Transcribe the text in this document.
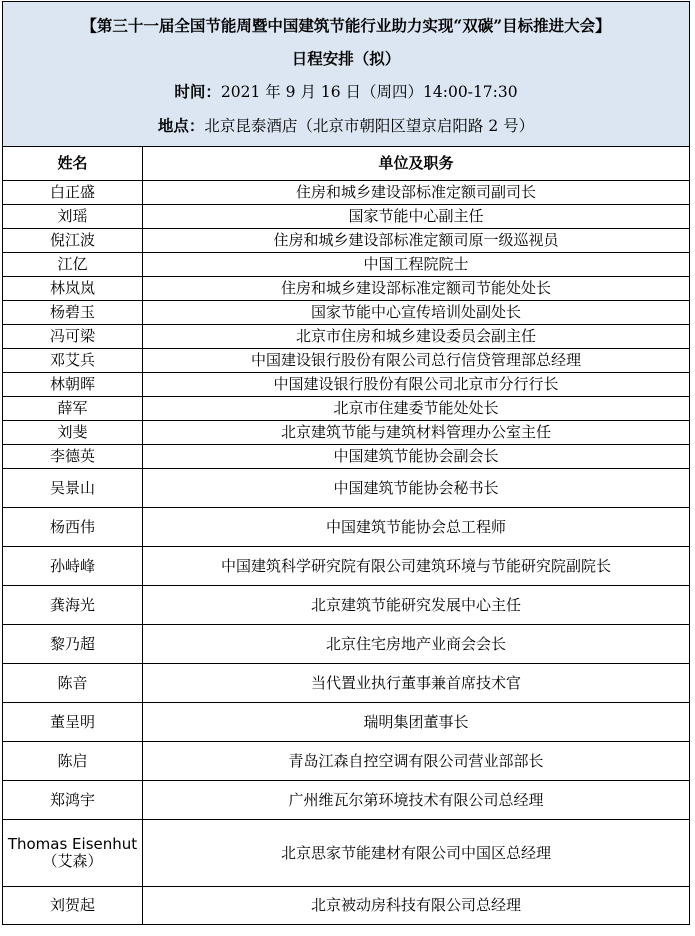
【第三十一届全国节能周暨中国建筑节能行业助力实现“双碳”目标推进大会】
日程安排（拟）
时间：2021 年 9 月 16 日（周四）14:00-17:30
地点：北京昆泰酒店（北京市朝阳区望京启阳路 2 号）	

姓名	单位及职务
白正盛	住房和城乡建设部标准定额司副司长
刘瑶	国家节能中心副主任
倪江波	住房和城乡建设部标准定额司原一级巡视员
江亿	中国工程院院士
林岚岚	住房和城乡建设部标准定额司节能处处长
杨碧玉	国家节能中心宣传培训处副处长
冯可梁	北京市住房和城乡建设委员会副主任
邓艾兵	中国建设银行股份有限公司总行信贷管理部总经理
林朝晖	中国建设银行股份有限公司北京市分行行长
薛军	北京市住建委节能处处长
刘斐	北京建筑节能与建筑材料管理办公室主任
李德英	中国建筑节能协会副会长
吴景山	中国建筑节能协会秘书长
杨西伟	中国建筑节能协会总工程师
孙峙峰	中国建筑科学研究院有限公司建筑环境与节能研究院副院长
龚海光	北京建筑节能研究发展中心主任
黎乃超	北京住宅房地产业商会会长
陈音	当代置业执行董事兼首席技术官
董呈明	瑞明集团董事长
陈启	青岛江森自控空调有限公司营业部部长
郑鸿宇	广州维瓦尔第环境技术有限公司总经理
Thomas Eisenhut（艾森）	北京思家节能建材有限公司中国区总经理
刘贺起	北京被动房科技有限公司总经理
